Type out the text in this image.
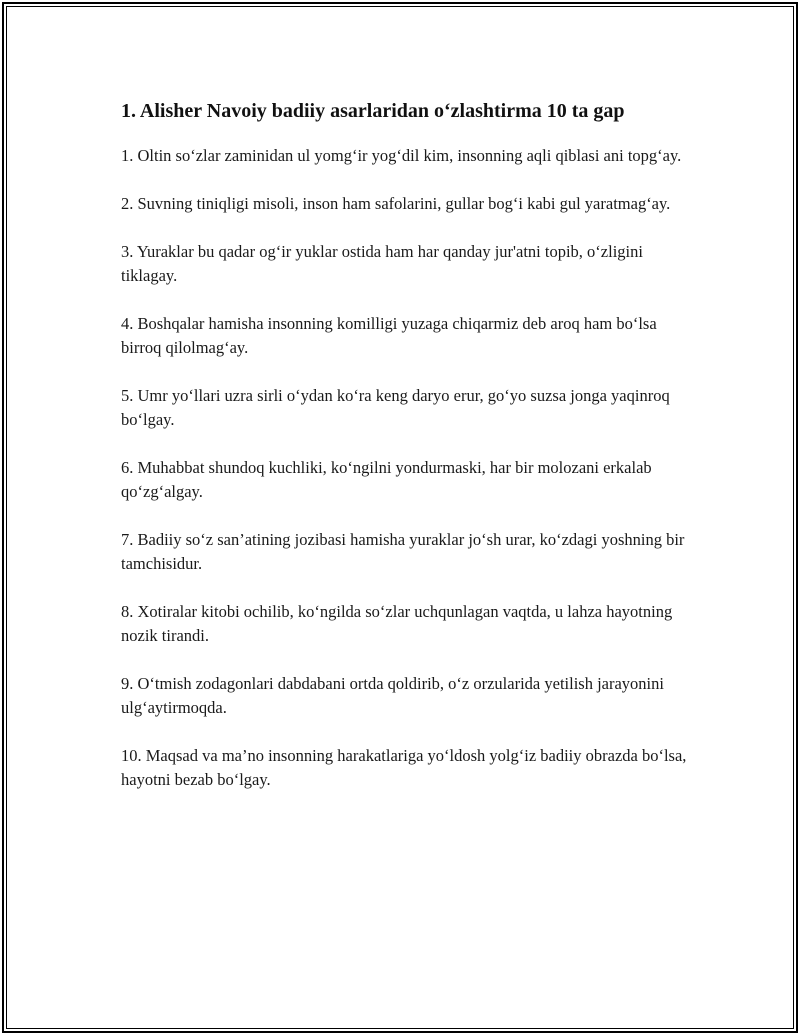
1. Alisher Navoiy badiiy asarlaridan o‘zlashtirma 10 ta gap
1. Oltin so‘zlar zaminidan ul yomg‘ir yog‘dil kim, insonning aqli qiblasi ani topg‘ay.
2. Suvning tiniqligi misoli, inson ham safolarini, gullar bog‘i kabi gul yaratmag‘ay.
3. Yuraklar bu qadar og‘ir yuklar ostida ham har qanday jur'atni topib, o‘zligini tiklagay.
4. Boshqalar hamisha insonning komilligi yuzaga chiqarmiz deb aroq ham bo‘lsa birroq qilolmag‘ay.
5. Umr yo‘llari uzra sirli o‘ydan ko‘ra keng daryo erur, go‘yo suzsa jonga yaqinroq bo‘lgay.
6. Muhabbat shundoq kuchliki, ko‘ngilni yondurmaski, har bir molozani erkalab qo‘zg‘algay.
7. Badiiy so‘z san’atining jozibasi hamisha yuraklar jo‘sh urar, ko‘zdagi yoshning bir tamchisidur.
8. Xotiralar kitobi ochilib, ko‘ngilda so‘zlar uchqunlagan vaqtda, u lahza hayotning nozik tirandi.
9. O‘tmish zodagonlari dabdabani ortda qoldirib, o‘z orzularida yetilish jarayonini ulg‘aytirmoqda.
10. Maqsad va ma’no insonning harakatlariga yo‘ldosh yolg‘iz badiiy obrazda bo‘lsa, hayotni bezab bo‘lgay.
